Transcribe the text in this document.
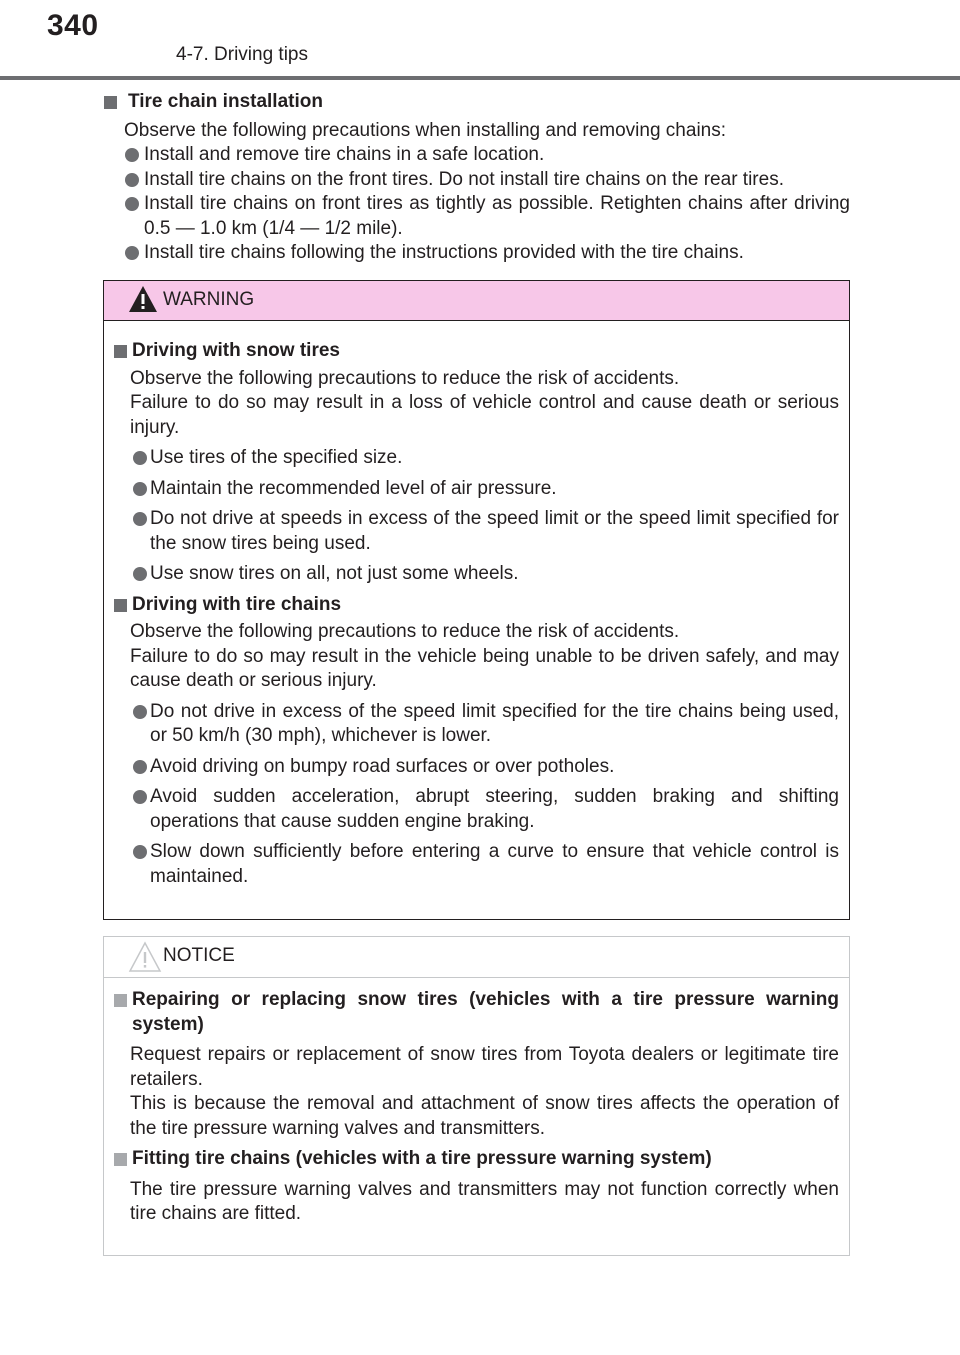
340
4-7. Driving tips
Tire chain installation
Observe the following precautions when installing and removing chains:
Install and remove tire chains in a safe location.
Install tire chains on the front tires. Do not install tire chains on the rear tires.
Install tire chains on front tires as tightly as possible. Retighten chains after driving 0.5 — 1.0 km (1/4 — 1/2 mile).
Install tire chains following the instructions provided with the tire chains.
WARNING
Driving with snow tires
Observe the following precautions to reduce the risk of accidents.
Failure to do so may result in a loss of vehicle control and cause death or serious injury.
Use tires of the specified size.
Maintain the recommended level of air pressure.
Do not drive at speeds in excess of the speed limit or the speed limit specified for the snow tires being used.
Use snow tires on all, not just some wheels.
Driving with tire chains
Observe the following precautions to reduce the risk of accidents.
Failure to do so may result in the vehicle being unable to be driven safely, and may cause death or serious injury.
Do not drive in excess of the speed limit specified for the tire chains being used, or 50 km/h (30 mph), whichever is lower.
Avoid driving on bumpy road surfaces or over potholes.
Avoid sudden acceleration, abrupt steering, sudden braking and shifting operations that cause sudden engine braking.
Slow down sufficiently before entering a curve to ensure that vehicle control is maintained.
NOTICE
Repairing or replacing snow tires (vehicles with a tire pressure warning system)
Request repairs or replacement of snow tires from Toyota dealers or legitimate tire retailers.
This is because the removal and attachment of snow tires affects the operation of the tire pressure warning valves and transmitters.
Fitting tire chains (vehicles with a tire pressure warning system)
The tire pressure warning valves and transmitters may not function correctly when tire chains are fitted.
